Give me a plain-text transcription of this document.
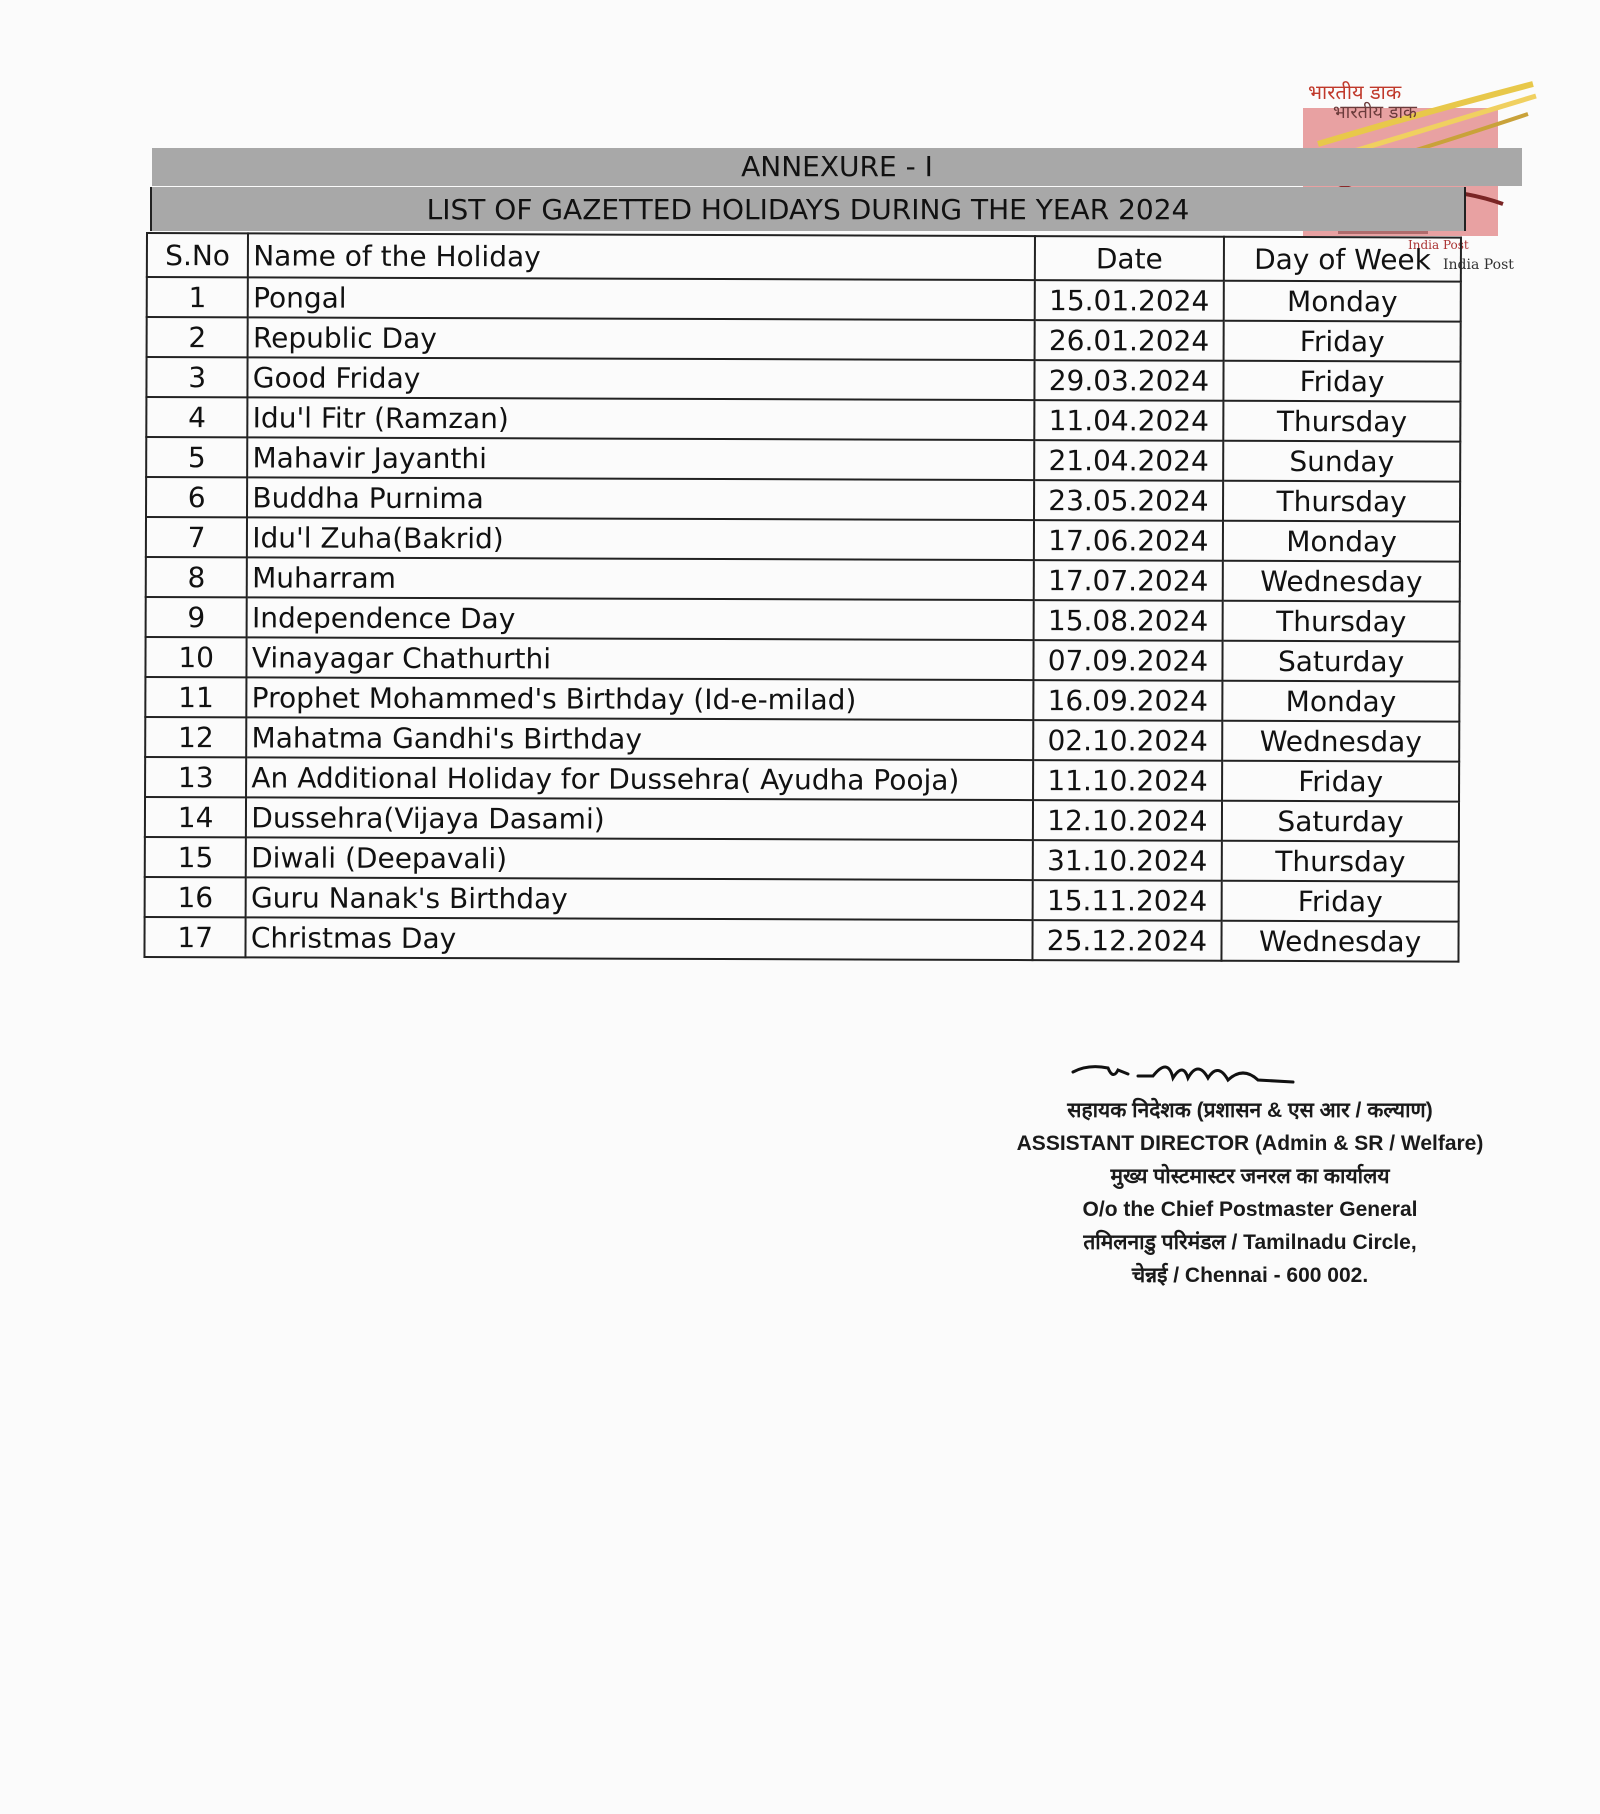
भारतीय डाक
भारतीय डाक
India Post
India Post
ANNEXURE - I
LIST OF GAZETTED HOLIDAYS DURING THE YEAR 2024
S.No	Name of the Holiday	Date	Day of Week
1	Pongal	15.01.2024	Monday
2	Republic Day	26.01.2024	Friday
3	Good Friday	29.03.2024	Friday
4	Idu'l Fitr (Ramzan)	11.04.2024	Thursday
5	Mahavir Jayanthi	21.04.2024	Sunday
6	Buddha Purnima	23.05.2024	Thursday
7	Idu'l Zuha(Bakrid)	17.06.2024	Monday
8	Muharram	17.07.2024	Wednesday
9	Independence Day	15.08.2024	Thursday
10	Vinayagar Chathurthi	07.09.2024	Saturday
11	Prophet Mohammed's Birthday (Id-e-milad)	16.09.2024	Monday
12	Mahatma Gandhi's Birthday	02.10.2024	Wednesday
13	An Additional Holiday for Dussehra( Ayudha Pooja)	11.10.2024	Friday
14	Dussehra(Vijaya Dasami)	12.10.2024	Saturday
15	Diwali (Deepavali)	31.10.2024	Thursday
16	Guru Nanak's Birthday	15.11.2024	Friday
17	Christmas Day	25.12.2024	Wednesday
सहायक निदेशक (प्रशासन & एस आर / कल्याण)
ASSISTANT DIRECTOR (Admin & SR / Welfare)
मुख्य पोस्टमास्टर जनरल का कार्यालय
O/o the Chief Postmaster General
तमिलनाडु परिमंडल / Tamilnadu Circle,
चेन्नई / Chennai - 600 002.
